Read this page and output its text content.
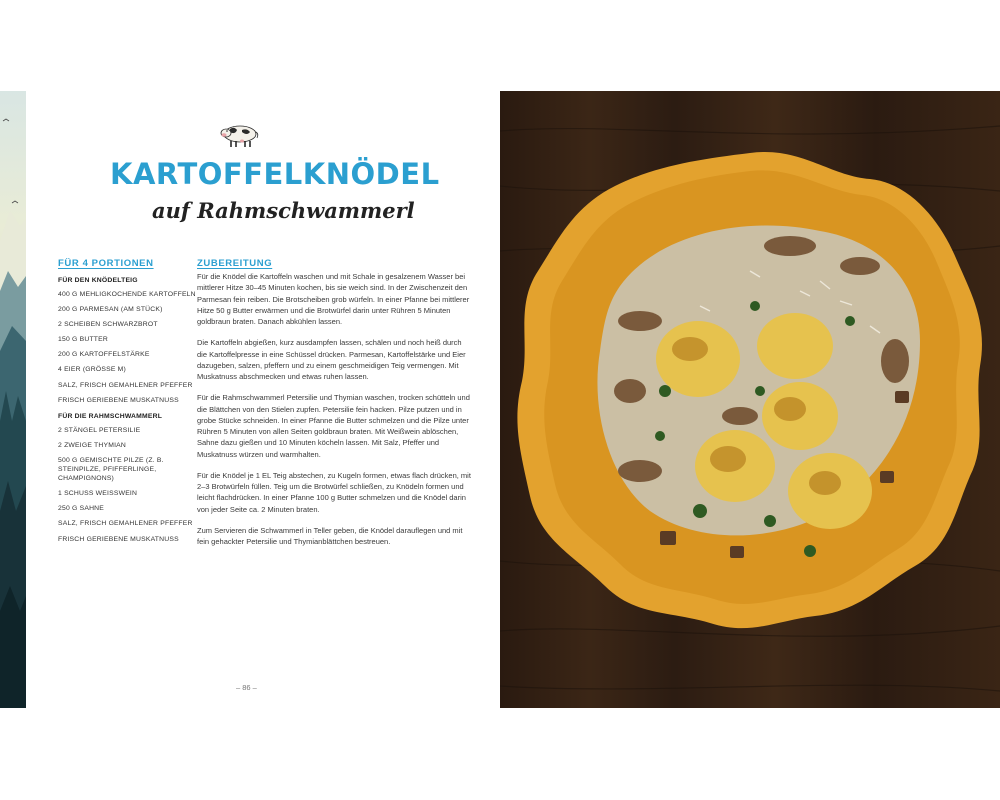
KARTOFFELKNÖDEL
auf Rahmschwammerl
FÜR 4 PORTIONEN	ZUBEREITUNG

FÜR DEN KNÖDELTEIG

400 G MEHLIGKOCHENDE KARTOFFELN

200 G PARMESAN (AM STÜCK)

2 SCHEIBEN SCHWARZBROT

150 G BUTTER

200 G KARTOFFELSTÄRKE

4 EIER (GRÖSSE M)

SALZ, FRISCH GEMAHLENER PFEFFER

FRISCH GERIEBENE MUSKATNUSS

FÜR DIE RAHMSCHWAMMERL

2 STÄNGEL PETERSILIE

2 ZWEIGE THYMIAN

500 G GEMISCHTE PILZE (Z. B. STEINPILZE, PFIFFERLINGE, CHAMPIGNONS)

1 SCHUSS WEISSWEIN

250 G SAHNE

SALZ, FRISCH GEMAHLENER PFEFFER

FRISCH GERIEBENE MUSKATNUSS

Für die Knödel die Kartoffeln waschen und mit Schale in gesalzenem Wasser bei mittlerer Hitze 30–45 Minuten kochen, bis sie weich sind. In der Zwischenzeit den Parmesan fein reiben. Die Brotscheiben grob würfeln. In einer Pfanne bei mittlerer Hitze 50 g Butter erwärmen und die Brotwürfel darin unter Rühren 5 Minuten goldbraun braten. Danach abkühlen lassen.

Die Kartoffeln abgießen, kurz ausdampfen lassen, schälen und noch heiß durch die Kartoffelpresse in eine Schüssel drücken. Parmesan, Kartoffelstärke und Eier dazugeben, salzen, pfeffern und zu einem geschmeidigen Teig vermengen. Mit Muskatnuss abschmecken und etwas ruhen lassen.

Für die Rahmschwammerl Petersilie und Thymian waschen, trocken schütteln und die Blättchen von den Stielen zupfen. Petersilie fein hacken. Pilze putzen und in grobe Stücke schneiden. In einer Pfanne die Butter schmelzen und die Pilze unter Rühren 5 Minuten von allen Seiten goldbraun braten. Mit Weißwein ablöschen, Sahne dazu gießen und 10 Minuten köcheln lassen. Mit Salz, Pfeffer und Muskatnuss würzen und warmhalten.

Für die Knödel je 1 EL Teig abstechen, zu Kugeln formen, etwas flach drücken, mit 2–3 Brotwürfeln füllen. Teig um die Brotwürfel schließen, zu Knödeln formen und leicht flachdrücken. In einer Pfanne 100 g Butter schmelzen und die Knödel darin von jeder Seite ca. 2 Minuten braten.

Zum Servieren die Schwammerl in Teller geben, die Knödel darauflegen und mit fein gehackter Petersilie und Thymianblättchen bestreuen.

– 86 –
